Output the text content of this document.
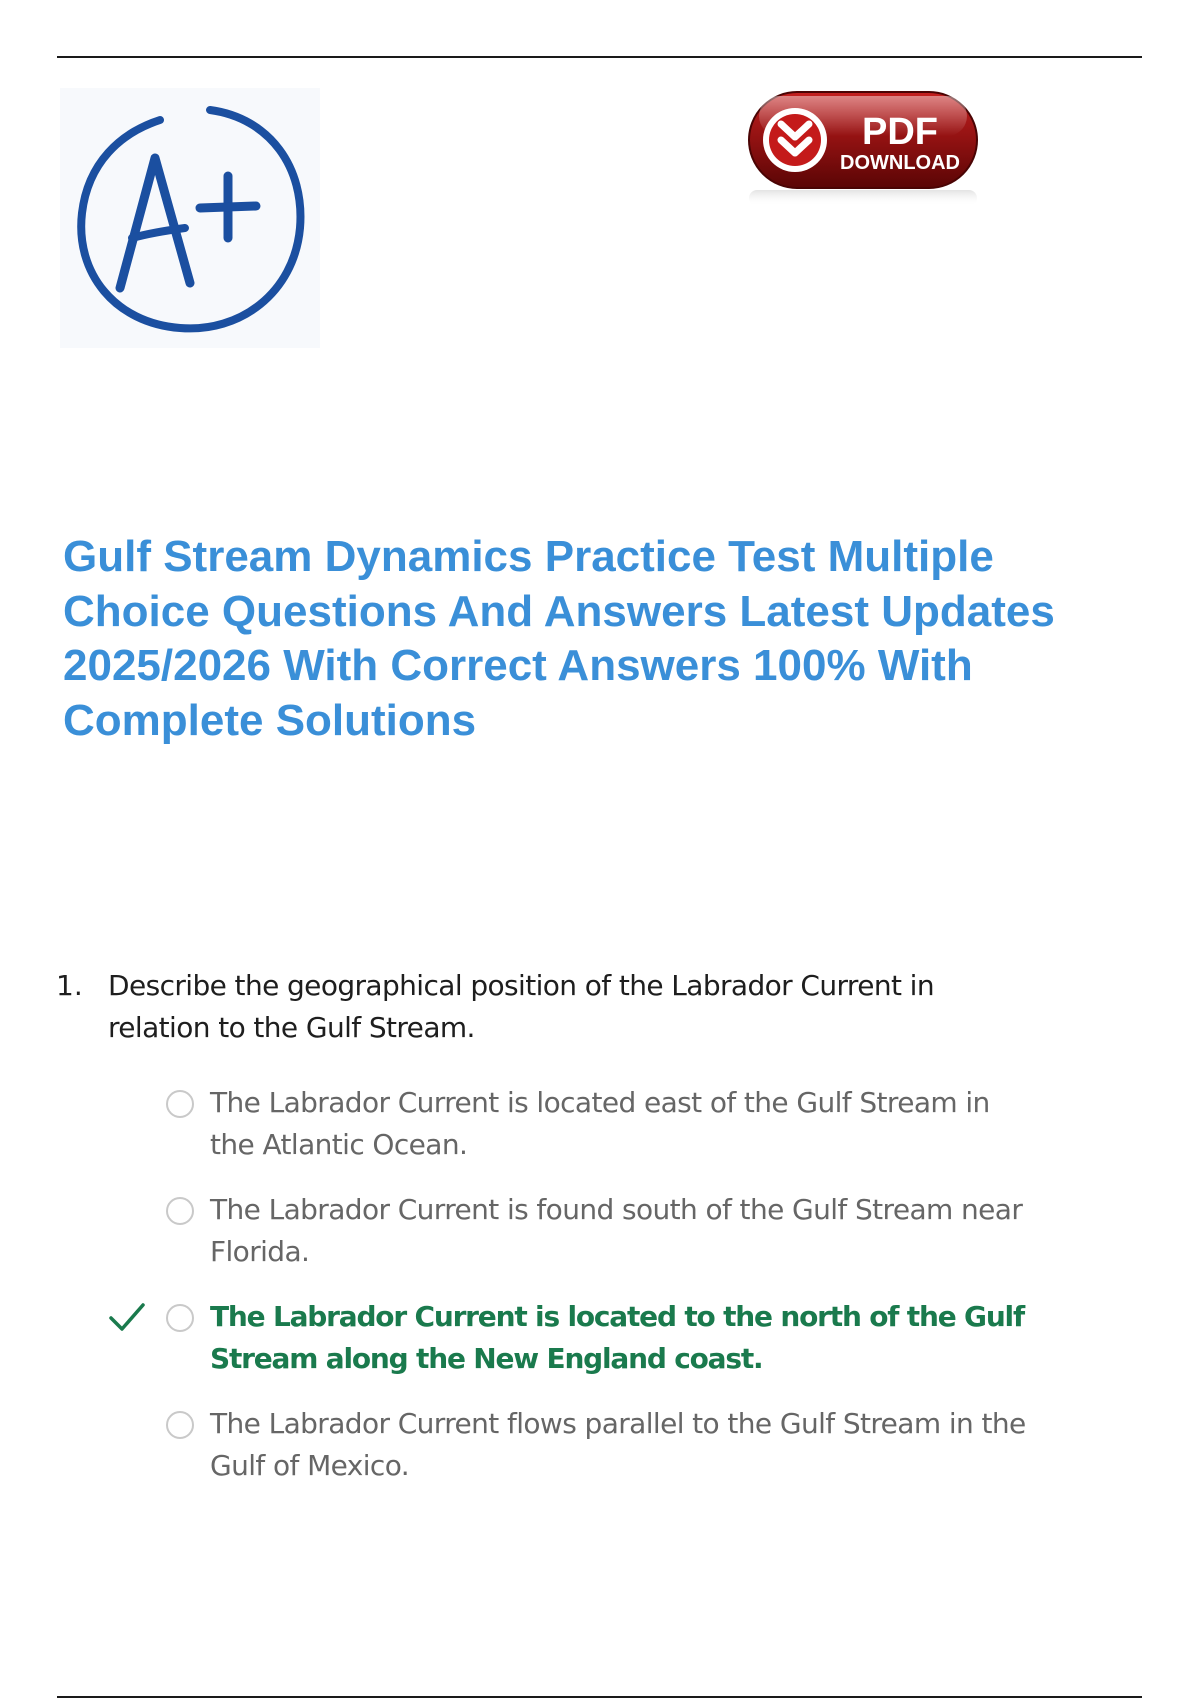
A+
PDF
DOWNLOAD
Gulf Stream Dynamics Practice Test Multiple Choice Questions And Answers Latest Updates 2025/2026 With Correct Answers 100% With Complete Solutions
1. Describe the geographical position of the Labrador Current in relation to the Gulf Stream.

The Labrador Current is located east of the Gulf Stream in the Atlantic Ocean.
The Labrador Current is found south of the Gulf Stream near Florida.
The Labrador Current is located to the north of the Gulf Stream along the New England coast.
The Labrador Current flows parallel to the Gulf Stream in the Gulf of Mexico.
